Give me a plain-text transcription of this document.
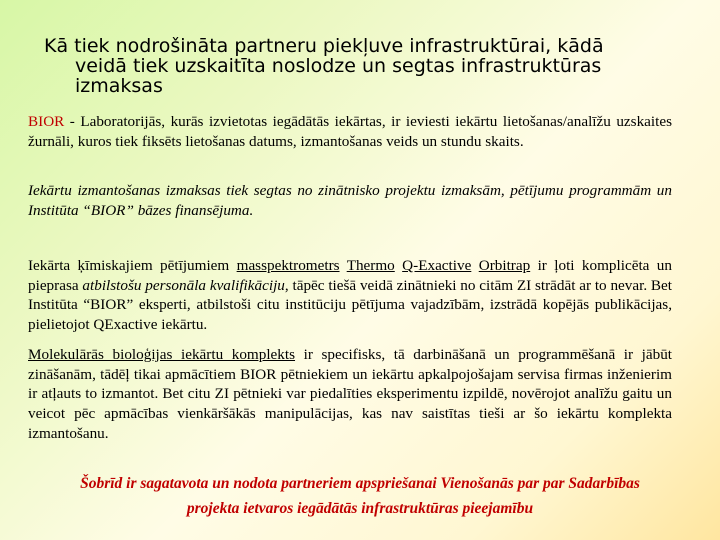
Kā tiek nodrošināta partneru piekļuve infrastruktūrai, kādā
veidā tiek uzskaitīta noslodze un segtas infrastruktūras
izmaksas

BIOR - Laboratorijās, kurās izvietotas iegādātās iekārtas, ir ieviesti iekārtu lietošanas/analīžu uzskaites žurnāli, kuros tiek fiksēts lietošanas datums, izmantošanas veids un stundu skaits.

Iekārtu izmantošanas izmaksas tiek segtas no zinātnisko projektu izmaksām, pētījumu programmām un Institūta “BIOR” bāzes finansējuma.

Iekārta ķīmiskajiem pētījumiem masspektrometrs Thermo Q-Exactive Orbitrap ir ļoti komplicēta un pieprasa atbilstošu personāla kvalifikāciju, tāpēc tiešā veidā zinātnieki no citām ZI strādāt ar to nevar. Bet Institūta “BIOR” eksperti, atbilstoši citu institūciju pētījuma vajadzībām, izstrādā kopējās publikācijas, pielietojot QExactive iekārtu.

Molekulārās bioloģijas iekārtu komplekts ir specifisks, tā darbināšanā un programmēšanā ir jābūt zināšanām, tādēļ tikai apmācītiem BIOR pētniekiem un iekārtu apkalpojošajam servisa firmas inženierim ir atļauts to izmantot. Bet citu ZI pētnieki var piedalīties eksperimentu izpildē, novērojot analīžu gaitu un veicot pēc apmācības vienkāršākās manipulācijas, kas nav saistītas tieši ar šo iekārtu komplekta izmantošanu.

Šobrīd ir sagatavota un nodota partneriem apspriešanai Vienošanās par par Sadarbības
projekta ietvaros iegādātās infrastruktūras pieejamību
